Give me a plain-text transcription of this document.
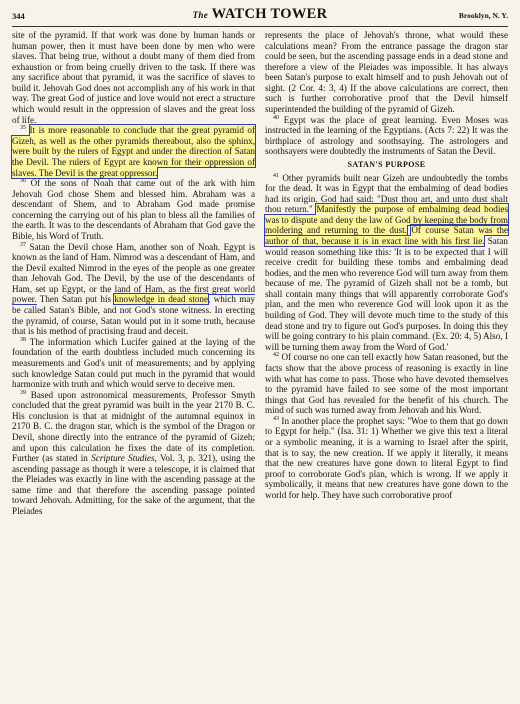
344	The WATCH TOWER	Brooklyn, N. Y.

site of the pyramid. If that work was done by human hands or human power, then it must have been done by men who were slaves. That being true, without a doubt many of them died from exhaustion or from being cruelly driven to the task. If there was any sacrifice about that pyramid, it was the sacrifice of slaves to build it. Jehovah God does not accomplish any of his work in that way. The great God of justice and love would not erect a structure which would result in the oppression of slaves and the great loss of life.

$^{35}$ It is more reasonable to conclude that the great pyramid of Gizeh, as well as the other pyramids thereabout, also the sphinx, were built by the rulers of Egypt and under the direction of Satan the Devil. The rulers of Egypt are known for their oppression of slaves. The Devil is the great oppressor.

$^{36}$ Of the sons of Noah that came out of the ark with him Jehovah God chose Shem and blessed him. Abraham was a descendant of Shem, and to Abraham God made promise concerning the carrying out of his plan to bless all the families of the earth. It was to the descendants of Abraham that God gave the Bible, his Word of Truth.

$^{37}$ Satan the Devil chose Ham, another son of Noah. Egypt is known as the land of Ham. Nimrod was a descendant of Ham, and the Devil exalted Nimrod in the eyes of the people as one greater than Jehovah God. The Devil, by the use of the descendants of Ham, set up Egypt, or the land of Ham, as the first great world power. Then Satan put his knowledge in dead stone, which may be called Satan's Bible, and not God's stone witness. In erecting the pyramid, of course, Satan would put in it some truth, because that is his method of practising fraud and deceit.

$^{38}$ The information which Lucifer gained at the laying of the foundation of the earth doubtless included much concerning its measurements and God's unit of measurements; and by applying such knowledge Satan could put much in the pyramid that would harmonize with truth and which would serve to deceive men.

$^{39}$ Based upon astronomical measurements, Professor Smyth concluded that the great pyramid was built in the year 2170 B. C. His conclusion is that at midnight of the autumnal equinox in 2170 B. C. the dragon star, which is the symbol of the Dragon or Devil, shone directly into the entrance of the pyramid of Gizeh; and upon this calculation he fixes the date of its completion. Further (as stated in Scripture Studies, Vol. 3, p. 321), using the ascending passage as though it were a telescope, it is claimed that the Pleiades was exactly in line with the ascending passage at the same time and that therefore the ascending passage pointed toward Jehovah. Admitting, for the sake of the argument, that the Pleiades

represents the place of Jehovah's throne, what would these calculations mean? From the entrance passage the dragon star could be seen, but the ascending passage ends in a dead stone and therefore a view of the Pleiades was impossible. It has always been Satan's purpose to exalt himself and to push Jehovah out of sight. (2 Cor. 4: 3, 4) If the above calculations are correct, then such is further corroborative proof that the Devil himself superintended the building of the pyramid of Gizeh.

$^{40}$ Egypt was the place of great learning. Even Moses was instructed in the learning of the Egyptians. (Acts 7: 22) It was the birthplace of astrology and soothsaying. The astrologers and soothsayers were doubtedly the instruments of Satan the Devil.

SATAN'S PURPOSE

$^{41}$ Other pyramids built near Gizeh are undoubtedly the tombs for the dead. It was in Egypt that the embalming of dead bodies had its origin. God had said: "Dust thou art, and unto dust shalt thou return." Manifestly the purpose of embalming dead bodies was to dispute and deny the law of God by keeping the body from moldering and returning to the dust. Of course Satan was the author of that, because it is in exact line with his first lie. Satan would reason something like this: 'It is to be expected that I will receive credit for building these tombs and embalming dead bodies, and the men who reverence God will turn away from them because of me. The pyramid of Gizeh shall not be a tomb, but shall contain many things that will apparently corroborate God's plan, and the men who reverence God will look upon it as the building of God. They will devote much time to the study of this dead stone and try to figure out God's purposes. In doing this they will be going contrary to his plain command. (Ex. 20: 4, 5) Also, I will be turning them away from the Word of God.'

$^{42}$ Of course no one can tell exactly how Satan reasoned, but the facts show that the above process of reasoning is exactly in line with what has come to pass. Those who have devoted themselves to the pyramid have failed to see some of the most important things that God has revealed for the benefit of his church. The mind of such was turned away from Jehovah and his Word.

$^{43}$ In another place the prophet says: "Woe to them that go down to Egypt for help." (Isa. 31: 1) Whether we give this text a literal or a symbolic meaning, it is a warning to Israel after the spirit, that is to say, the new creation. If we apply it literally, it means that the new creatures have gone down to literal Egypt to find proof to corroborate God's plan, which is wrong. If we apply it symbolically, it means that new creatures have gone down to the world for help. They have such corroborative proof
